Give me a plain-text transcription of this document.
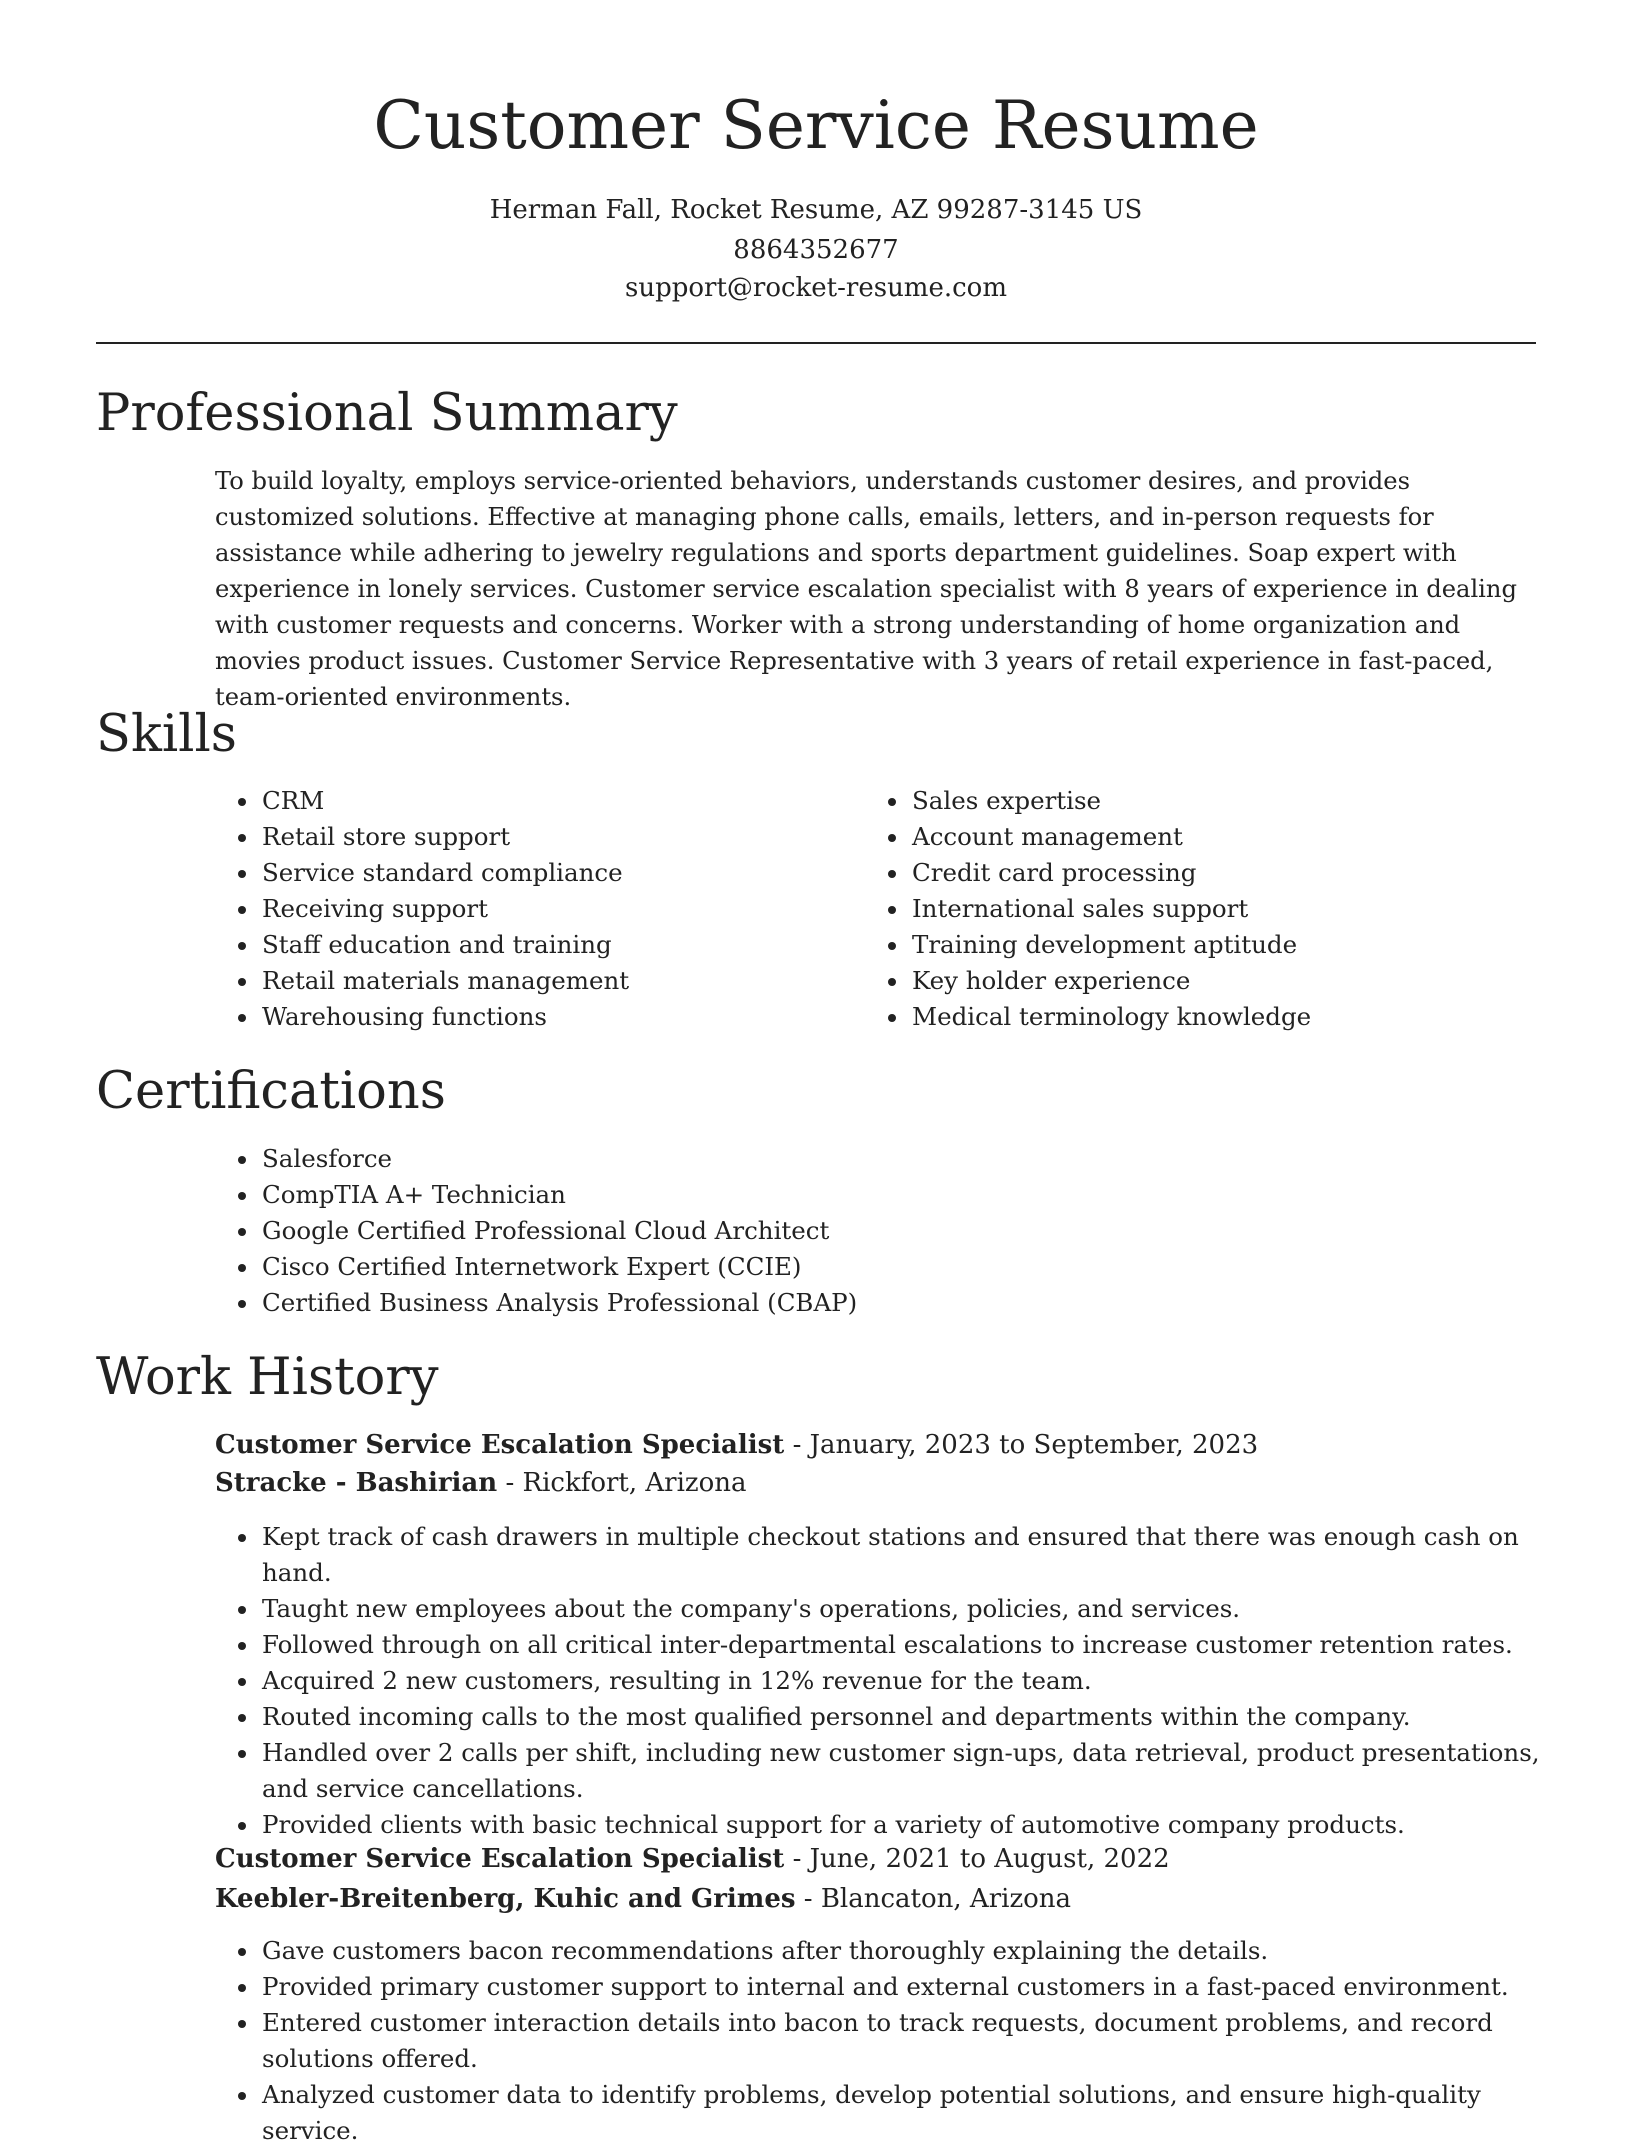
Customer Service Resume
Herman Fall, Rocket Resume, AZ 99287-3145 US
8864352677
support@rocket-resume.com
Professional Summary

To build loyalty, employs service-oriented behaviors, understands customer desires, and provides customized solutions. Effective at managing phone calls, emails, letters, and in-person requests for assistance while adhering to jewelry regulations and sports department guidelines. Soap expert with experience in lonely services. Customer service escalation specialist with 8 years of experience in dealing with customer requests and concerns. Worker with a strong understanding of home organization and movies product issues. Customer Service Representative with 3 years of retail experience in fast-paced, team-oriented environments.

Skills
• CRM
• Retail store support
• Service standard compliance
• Receiving support
• Staff education and training
• Retail materials management
• Warehousing functions
• Sales expertise
• Account management
• Credit card processing
• International sales support
• Training development aptitude
• Key holder experience
• Medical terminology knowledge
Certifications
• Salesforce
• CompTIA A+ Technician
• Google Certified Professional Cloud Architect
• Cisco Certified Internetwork Expert (CCIE)
• Certified Business Analysis Professional (CBAP)
Work History
Customer Service Escalation Specialist - January, 2023 to September, 2023
Stracke - Bashirian - Rickfort, Arizona
• Kept track of cash drawers in multiple checkout stations and ensured that there was enough cash on hand.
• Taught new employees about the company's operations, policies, and services.
• Followed through on all critical inter-departmental escalations to increase customer retention rates.
• Acquired 2 new customers, resulting in 12% revenue for the team.
• Routed incoming calls to the most qualified personnel and departments within the company.
• Handled over 2 calls per shift, including new customer sign-ups, data retrieval, product presentations, and service cancellations.
• Provided clients with basic technical support for a variety of automotive company products.
Customer Service Escalation Specialist - June, 2021 to August, 2022
Keebler-Breitenberg, Kuhic and Grimes - Blancaton, Arizona
• Gave customers bacon recommendations after thoroughly explaining the details.
• Provided primary customer support to internal and external customers in a fast-paced environment.
• Entered customer interaction details into bacon to track requests, document problems, and record solutions offered.
• Analyzed customer data to identify problems, develop potential solutions, and ensure high-quality service.
